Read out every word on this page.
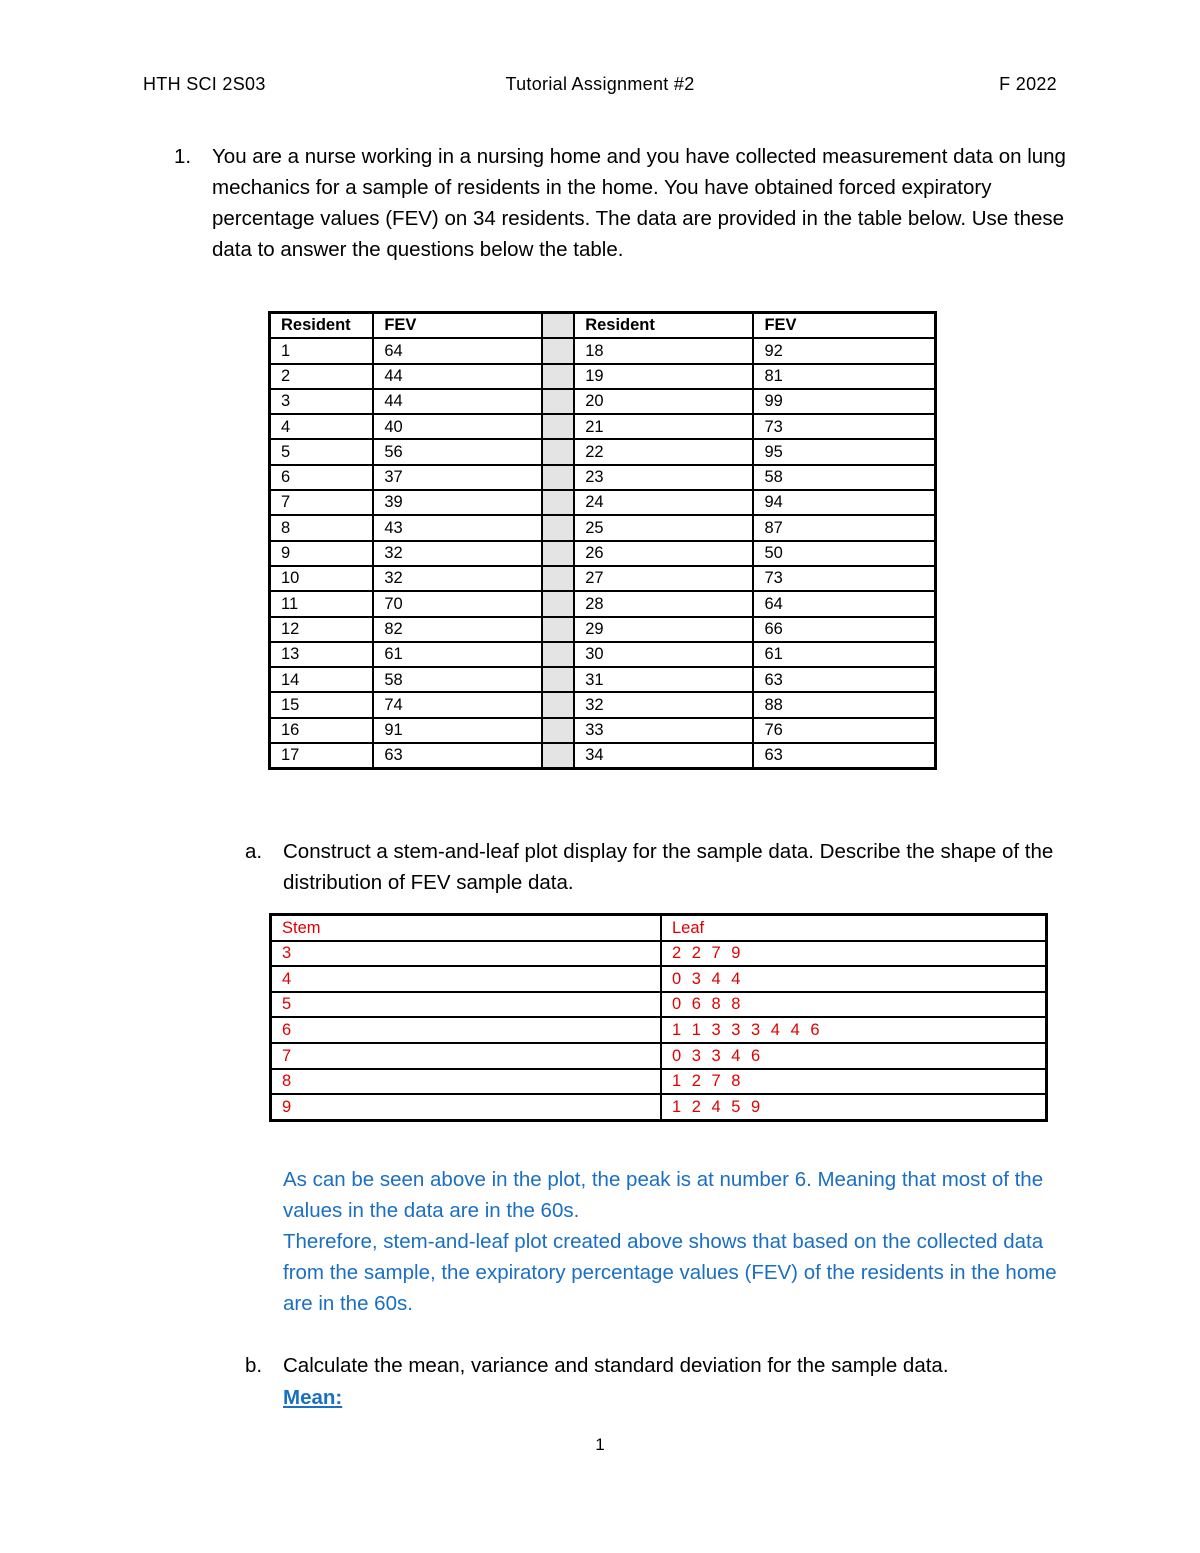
HTH SCI 2S03	Tutorial Assignment #2	F 2022
1. You are a nurse working in a nursing home and you have collected measurement data on lung mechanics for a sample of residents in the home. You have obtained forced expiratory percentage values (FEV) on 34 residents. The data are provided in the table below. Use these data to answer the questions below the table.
Resident	FEV		Resident	FEV
1	64		18	92
2	44		19	81
3	44		20	99
4	40		21	73
5	56		22	95
6	37		23	58
7	39		24	94
8	43		25	87
9	32		26	50
10	32		27	73
11	70		28	64
12	82		29	66
13	61		30	61
14	58		31	63
15	74		32	88
16	91		33	76
17	63		34	63
a. Construct a stem-and-leaf plot display for the sample data. Describe the shape of the distribution of FEV sample data.
Stem	Leaf
3	2 2 7 9
4	0 3 4 4
5	0 6 8 8
6	1 1 3 3 3 4 4 6
7	0 3 3 4 6
8	1 2 7 8
9	1 2 4 5 9

As can be seen above in the plot, the peak is at number 6. Meaning that most of the values in the data are in the 60s.

Therefore, stem-and-leaf plot created above shows that based on the collected data from the sample, the expiratory percentage values (FEV) of the residents in the home are in the 60s.

b. Calculate the mean, variance and standard deviation for the sample data.
Mean:
1
